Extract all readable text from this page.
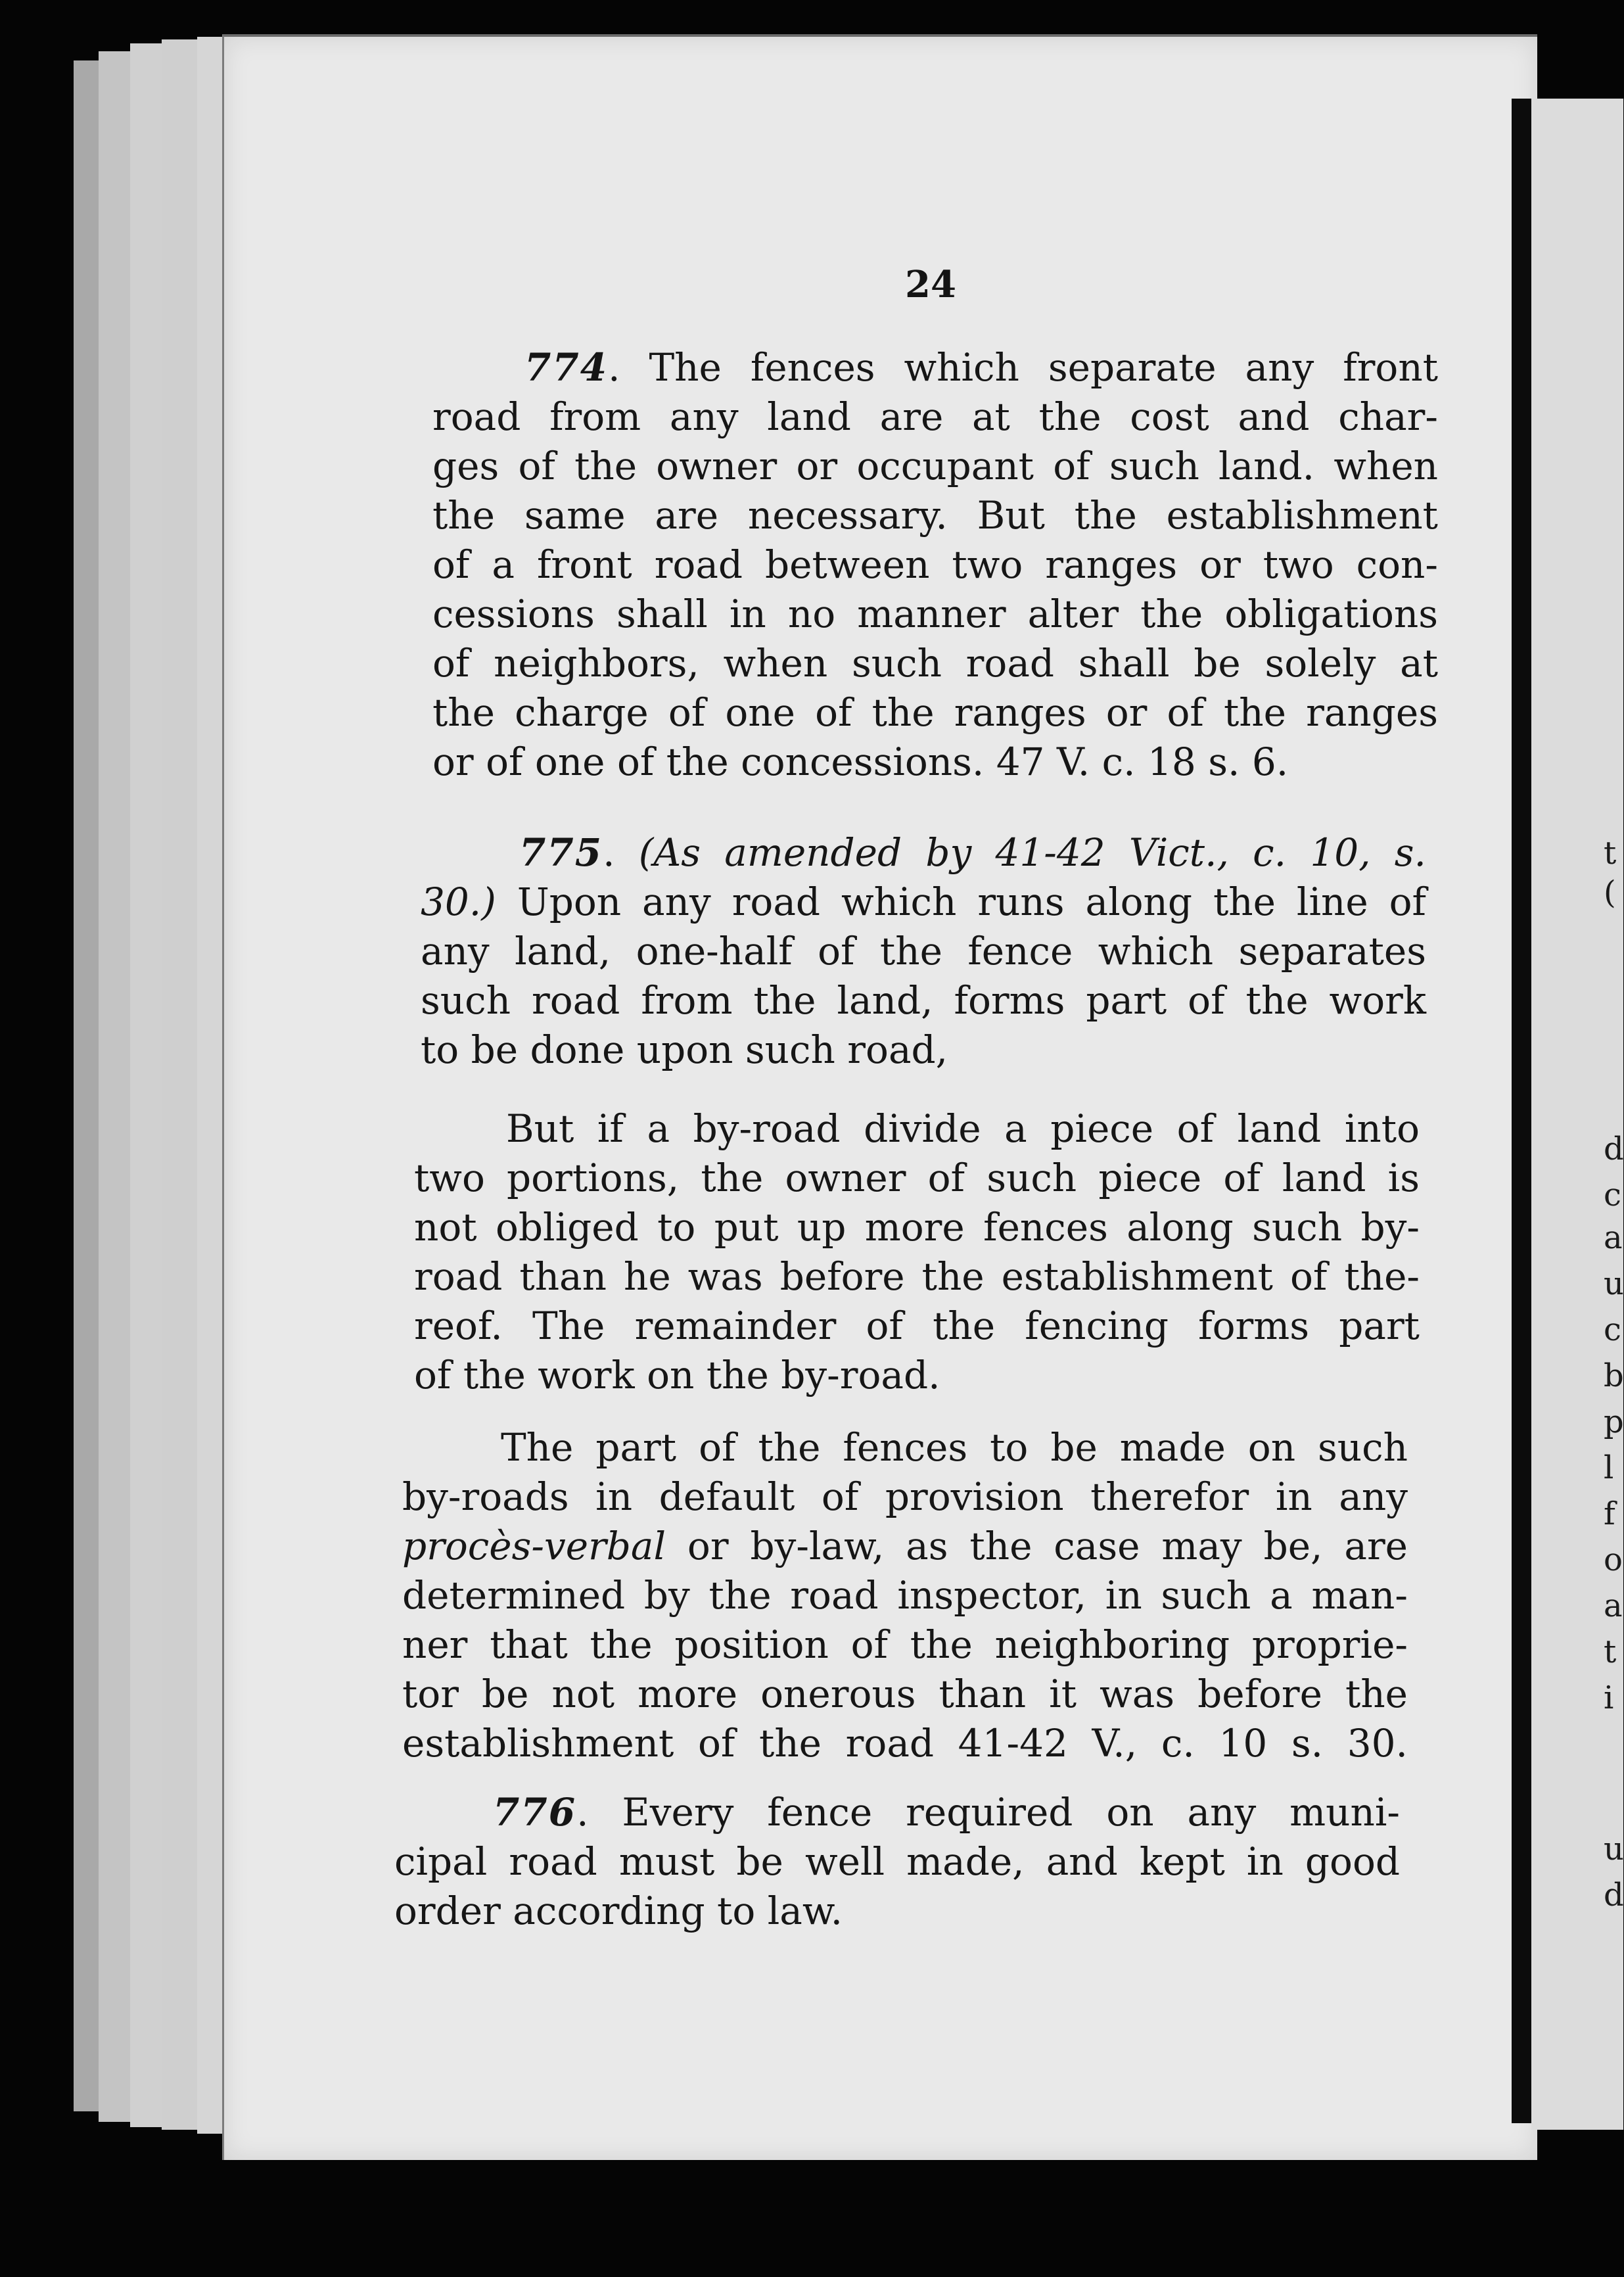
t
(
d
c
a
u
c
b
p
l
f
o
a
t
i
u
d
24
774. The fences which separate any front
road from any land are at the cost and char-
ges of the owner or occupant of such land. when
the same are necessary. But the establishment
of a front road between two ranges or two con-
cessions shall in no manner alter the obligations
of neighbors, when such road shall be solely at
the charge of one of the ranges or of the ranges
or of one of the concessions. 47 V. c. 18 s. 6.
775. (As amended by 41-42 Vict., c. 10, s.
30.) Upon any road which runs along the line of
any land, one-half of the fence which separates
such road from the land, forms part of the work
to be done upon such road,
But if a by-road divide a piece of land into
two portions, the owner of such piece of land is
not obliged to put up more fences along such by-
road than he was before the establishment of the-
reof. The remainder of the fencing forms part
of the work on the by-road.
The part of the fences to be made on such
by-roads in default of provision therefor in any
procès-verbal or by-law, as the case may be, are
determined by the road inspector, in such a man-
ner that the position of the neighboring proprie-
tor be not more onerous than it was before the
establishment of the road 41-42 V., c. 10 s. 30.
776. Every fence required on any muni-
cipal road must be well made, and kept in good
order according to law.
